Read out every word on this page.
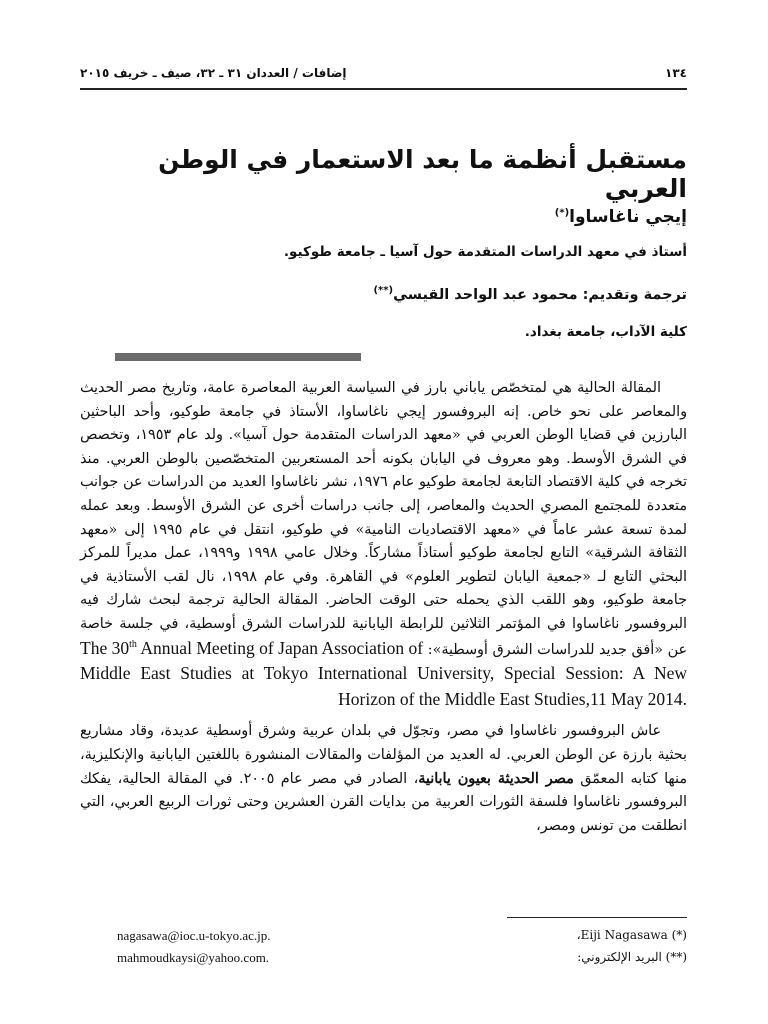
إضافات / العددان ٣١ ـ ٣٢، صيف ـ خريف ٢٠١٥	١٣٤
مستقبل أنظمة ما بعد الاستعمار في الوطن العربي
إيجي ناغاساوا(*)
أستاذ في معهد الدراسات المتقدمة حول آسيا ـ جامعة طوكيو.
ترجمة وتقديم: محمود عبد الواحد القيسي(**)
كلية الآداب، جامعة بغداد.

المقالة الحالية هي لمتخصّص ياباني بارز في السياسة العربية المعاصرة عامة، وتاريخ مصر الحديث والمعاصر على نحو خاص. إنه البروفسور إيجي ناغاساوا، الأستاذ في جامعة طوكيو، وأحد الباحثين البارزين في قضايا الوطن العربي في «معهد الدراسات المتقدمة حول آسيا». ولد عام ١٩٥٣، وتخصص في الشرق الأوسط. وهو معروف في اليابان بكونه أحد المستعربين المتخصّصين بالوطن العربي. منذ تخرجه في كلية الاقتصاد التابعة لجامعة طوكيو عام ١٩٧٦، نشر ناغاساوا العديد من الدراسات عن جوانب متعددة للمجتمع المصري الحديث والمعاصر، إلى جانب دراسات أخرى عن الشرق الأوسط. وبعد عمله لمدة تسعة عشر عاماً في «معهد الاقتصاديات النامية» في طوكيو، انتقل في عام ١٩٩٥ إلى «معهد الثقافة الشرقية» التابع لجامعة طوكيو أستاذاً مشاركاً. وخلال عامي ١٩٩٨ و١٩٩٩، عمل مديراً للمركز البحثي التابع لـ «جمعية اليابان لتطوير العلوم» في القاهرة. وفي عام ١٩٩٨، نال لقب الأستاذية في جامعة طوكيو، وهو اللقب الذي يحمله حتى الوقت الحاضر. المقالة الحالية ترجمة لبحث شارك فيه البروفسور ناغاساوا في المؤتمر الثلاثين للرابطة اليابانية للدراسات الشرق أوسطية، في جلسة خاصة عن «أفق جديد للدراسات الشرق أوسطية»: The 30th Annual Meeting of Japan Association of Middle East Studies at Tokyo International University, Special Session: A New Horizon of the Middle East Studies,11 May 2014.

عاش البروفسور ناغاساوا في مصر، وتجوّل في بلدان عربية وشرق أوسطية عديدة، وقاد مشاريع بحثية بارزة عن الوطن العربي. له العديد من المؤلفات والمقالات المنشورة باللغتين اليابانية والإنكليزية، منها كتابه المعمّق مصر الحديثة بعيون يابانية، الصادر في مصر عام ٢٠٠٥. في المقالة الحالية، يفكك البروفسور ناغاساوا فلسفة الثورات العربية من بدايات القرن العشرين وحتى ثورات الربيع العربي، التي انطلقت من تونس ومصر،

nagasawa@ioc.u-tokyo.ac.jp.	(*) Eiji Nagasawa،
mahmoudkaysi@yahoo.com.	(**) البريد الإلكتروني:
